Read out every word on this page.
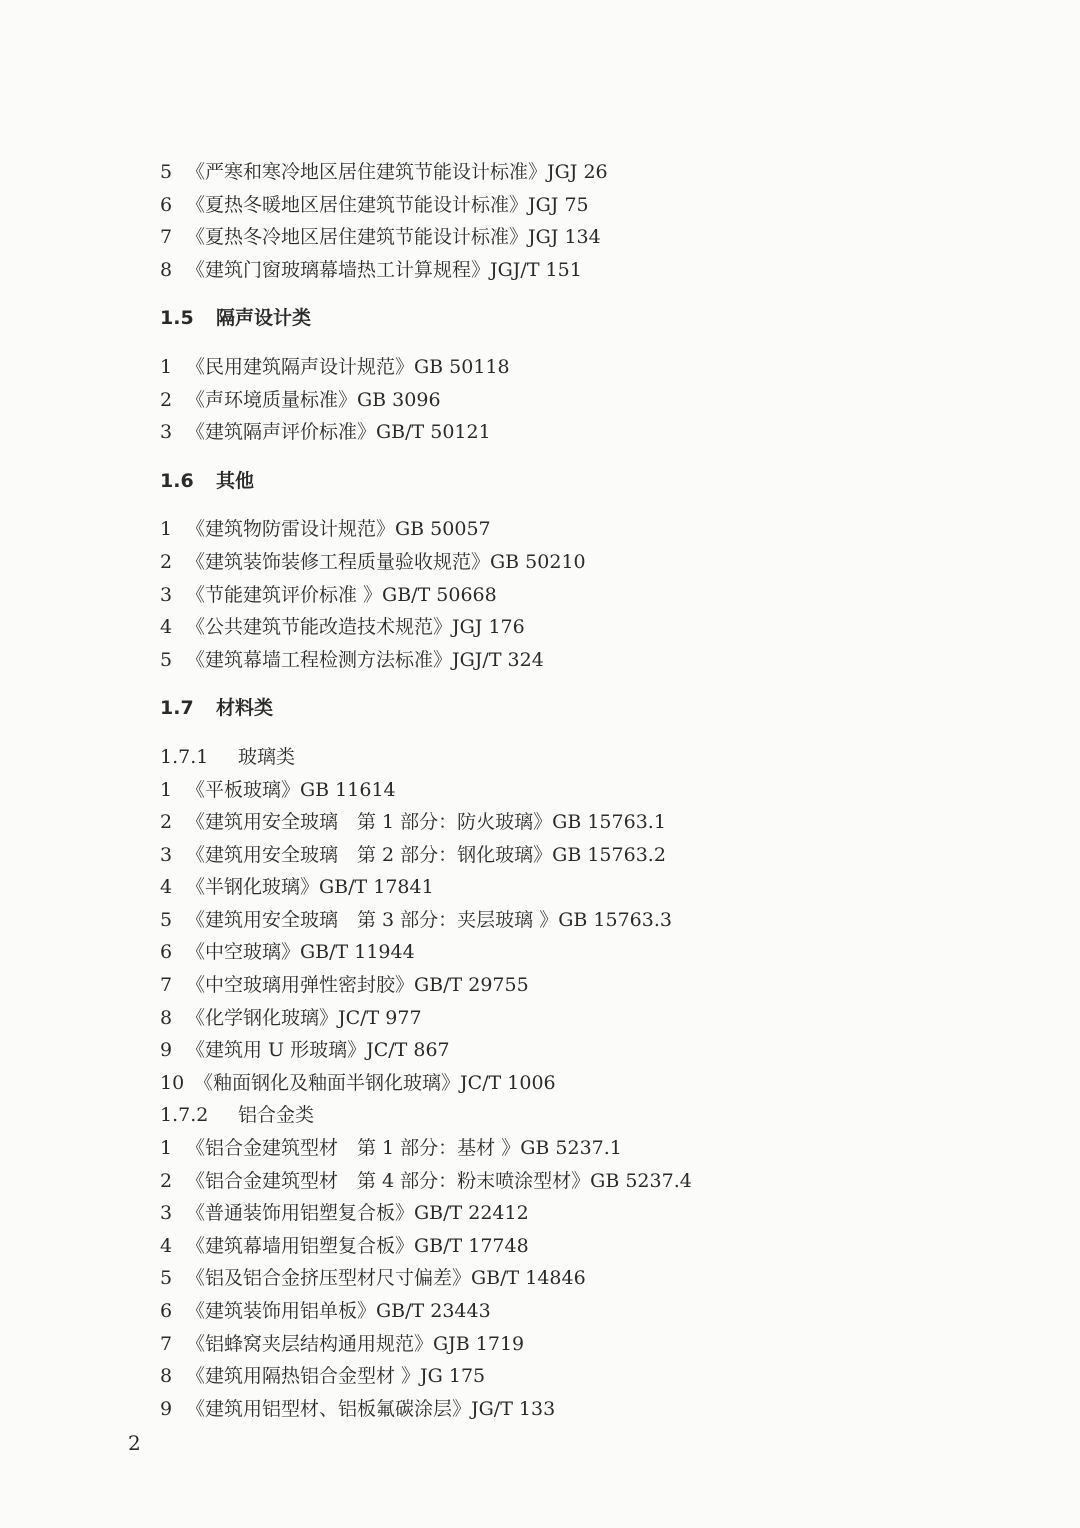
5 《严寒和寒冷地区居住建筑节能设计标准》JGJ 26
6 《夏热冬暖地区居住建筑节能设计标准》JGJ 75
7 《夏热冬冷地区居住建筑节能设计标准》JGJ 134
8 《建筑门窗玻璃幕墙热工计算规程》JGJ/T 151
1.5 隔声设计类
1 《民用建筑隔声设计规范》GB 50118
2 《声环境质量标准》GB 3096
3 《建筑隔声评价标准》GB/T 50121
1.6 其他
1 《建筑物防雷设计规范》GB 50057
2 《建筑装饰装修工程质量验收规范》GB 50210
3 《节能建筑评价标准 》GB/T 50668
4 《公共建筑节能改造技术规范》JGJ 176
5 《建筑幕墙工程检测方法标准》JGJ/T 324
1.7 材料类
1.7.1 玻璃类
1 《平板玻璃》GB 11614
2 《建筑用安全玻璃　第 1 部分：防火玻璃》GB 15763.1
3 《建筑用安全玻璃　第 2 部分：钢化玻璃》GB 15763.2
4 《半钢化玻璃》GB/T 17841
5 《建筑用安全玻璃　第 3 部分：夹层玻璃 》GB 15763.3
6 《中空玻璃》GB/T 11944
7 《中空玻璃用弹性密封胶》GB/T 29755
8 《化学钢化玻璃》JC/T 977
9 《建筑用 U 形玻璃》JC/T 867
10 《釉面钢化及釉面半钢化玻璃》JC/T 1006
1.7.2 铝合金类
1 《铝合金建筑型材　第 1 部分：基材 》GB 5237.1
2 《铝合金建筑型材　第 4 部分：粉末喷涂型材》GB 5237.4
3 《普通装饰用铝塑复合板》GB/T 22412
4 《建筑幕墙用铝塑复合板》GB/T 17748
5 《铝及铝合金挤压型材尺寸偏差》GB/T 14846
6 《建筑装饰用铝单板》GB/T 23443
7 《铝蜂窝夹层结构通用规范》GJB 1719
8 《建筑用隔热铝合金型材 》JG 175
9 《建筑用铝型材、铝板氟碳涂层》JG/T 133
2
